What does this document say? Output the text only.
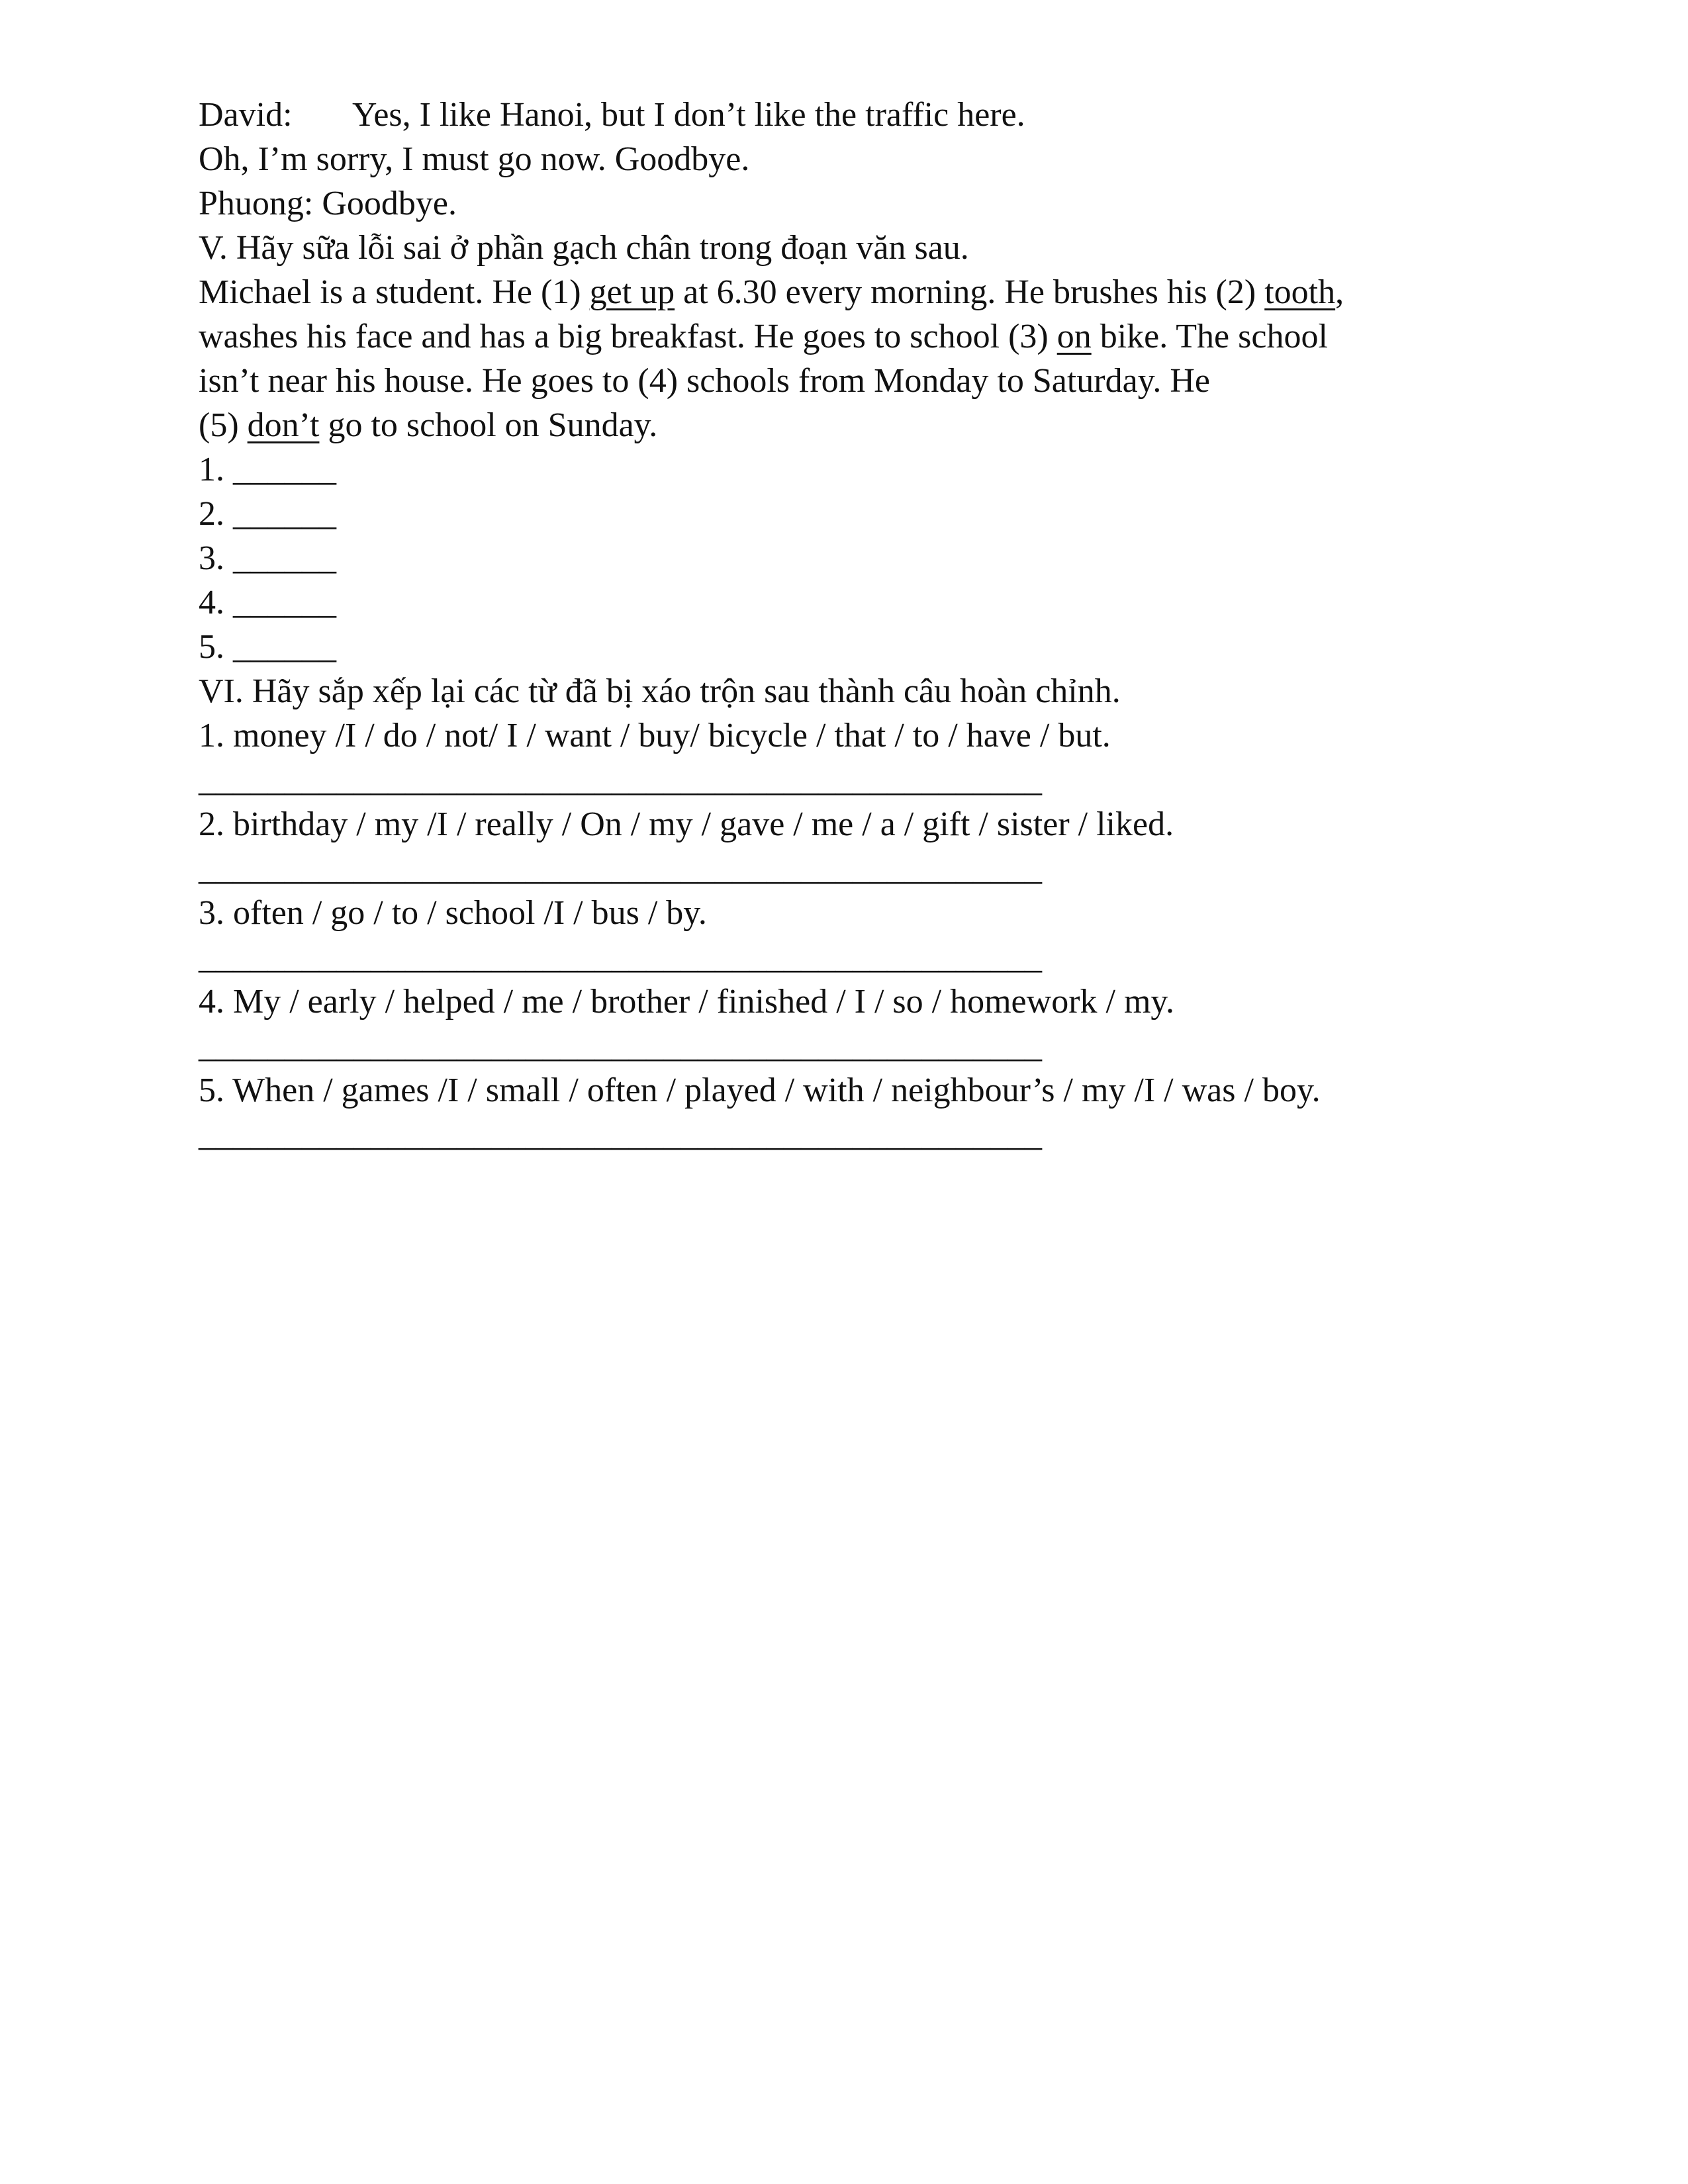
David: Yes, I like Hanoi, but I don’t like the traffic here.
Oh, I’m sorry, I must go now. Goodbye.
Phuong: Goodbye.
V. Hãy sữa lỗi sai ở phần gạch chân trong đoạn văn sau.
Michael is a student. He (1) get up at 6.30 every morning. He brushes his (2) tooth,
washes his face and has a big breakfast. He goes to school (3) on bike. The school
isn’t near his house. He goes to (4) schools from Monday to Saturday. He
(5) don’t go to school on Sunday.
1. ______
2. ______
3. ______
4. ______
5. ______
VI. Hãy sắp xếp lại các từ đã bị xáo trộn sau thành câu hoàn chỉnh.
1. money /I / do / not/ I / want / buy/ bicycle / that / to / have / but.
_________________________________________________
2. birthday / my /I / really / On / my / gave / me / a / gift / sister / liked.
_________________________________________________
3. often / go / to / school /I / bus / by.
_________________________________________________
4. My / early / helped / me / brother / finished / I / so / homework / my.
_________________________________________________
5. When / games /I / small / often / played / with / neighbour’s / my /I / was / boy.
_________________________________________________
